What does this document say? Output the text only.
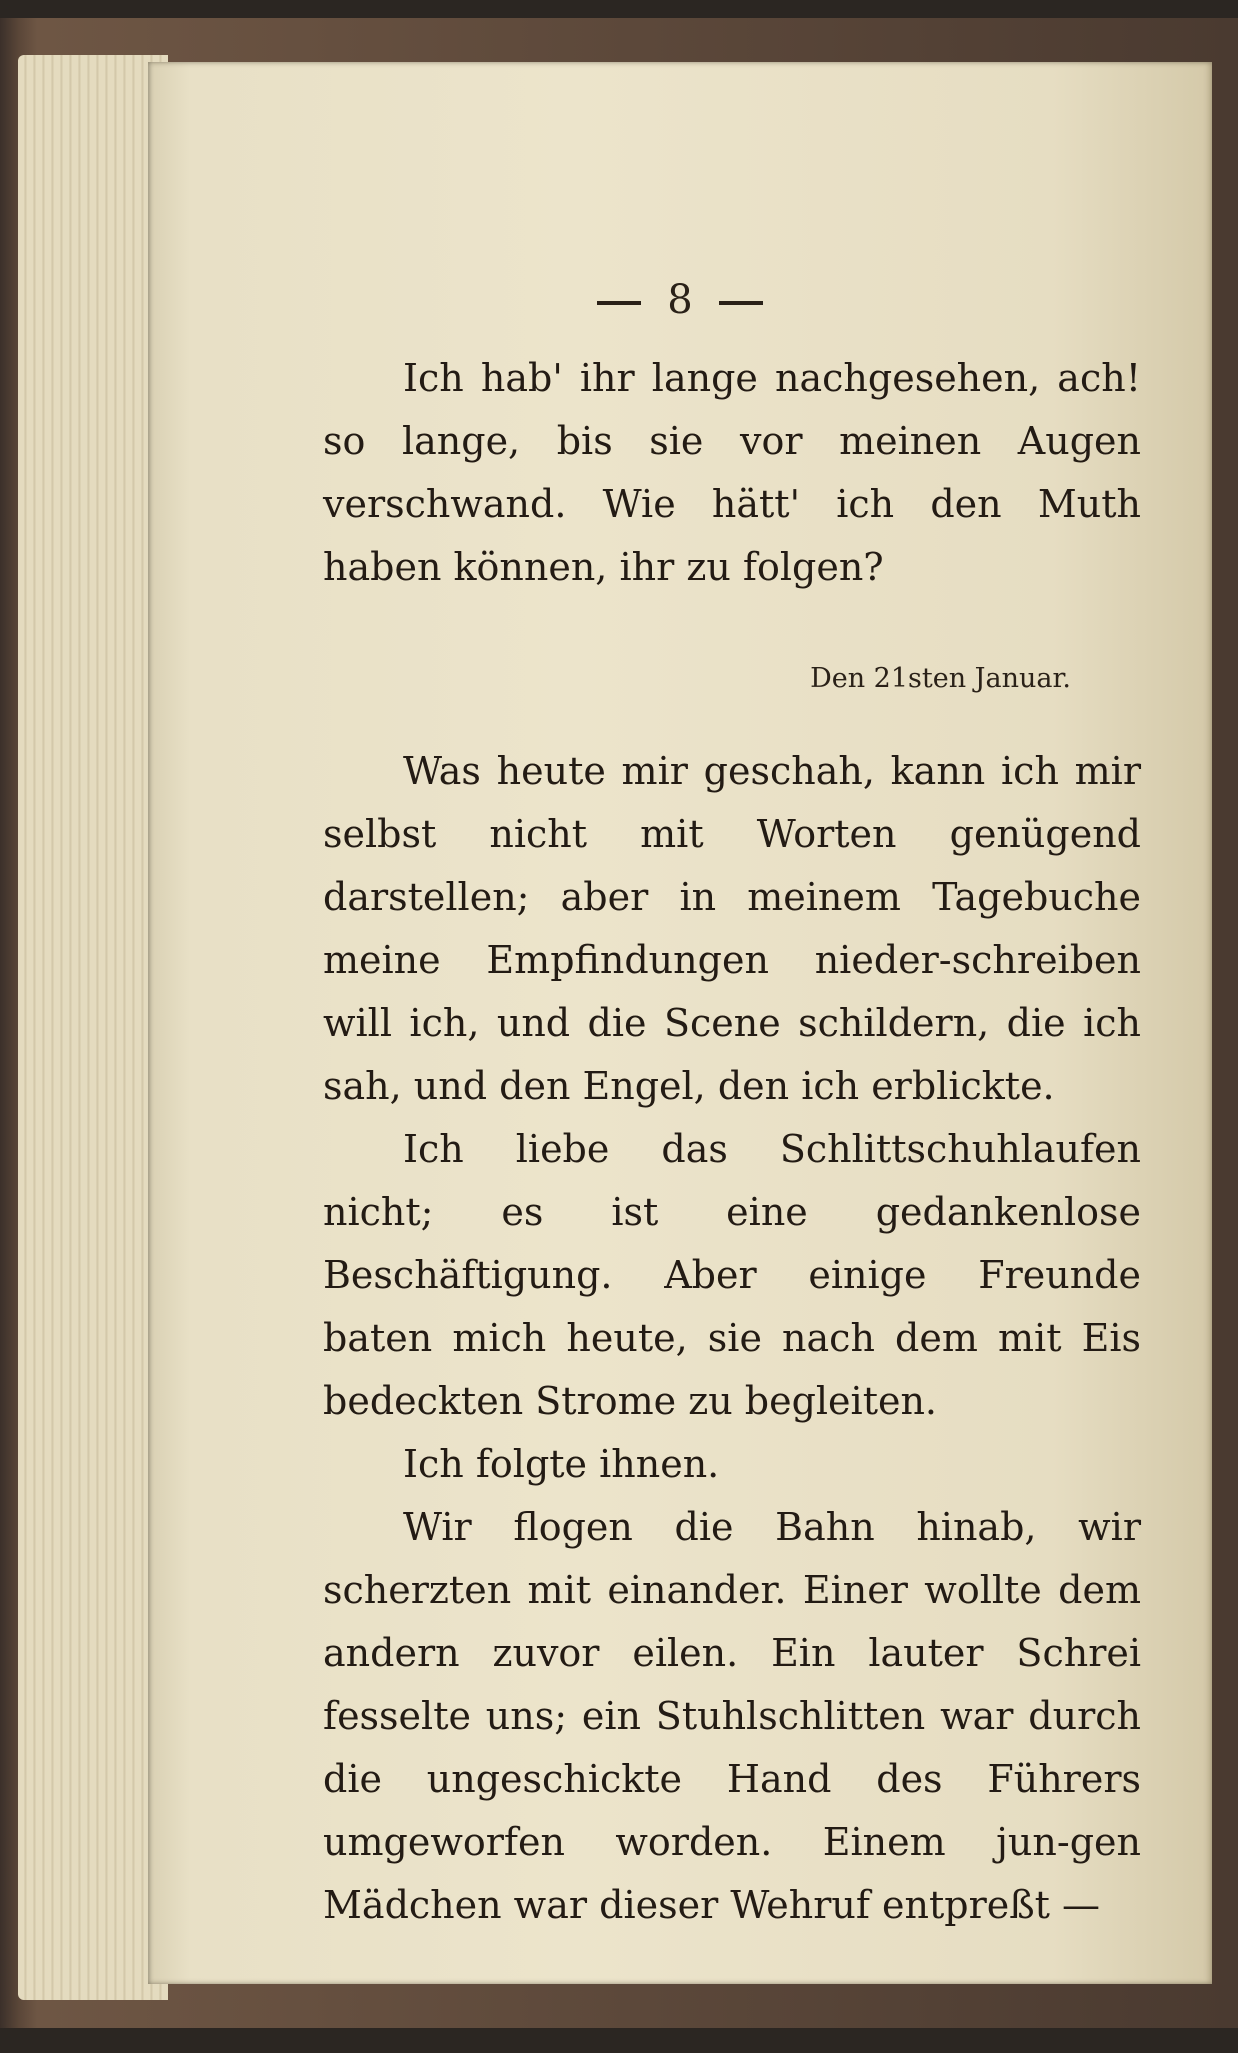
8

Ich hab' ihr lange nachgesehen, ach! so lange, bis sie vor meinen Augen verschwand. Wie hätt' ich den Muth haben können, ihr zu folgen?

Den 21sten Januar.

Was heute mir geschah, kann ich mir selbst nicht mit Worten genügend darstellen; aber in meinem Tagebuche meine Empfindungen nieder-schreiben will ich, und die Scene schildern, die ich sah, und den Engel, den ich erblickte.

Ich liebe das Schlittschuhlaufen nicht; es ist eine gedankenlose Beschäftigung. Aber einige Freunde baten mich heute, sie nach dem mit Eis bedeckten Strome zu begleiten.

Ich folgte ihnen.

Wir flogen die Bahn hinab, wir scherzten mit einander. Einer wollte dem andern zuvor eilen. Ein lauter Schrei fesselte uns; ein Stuhlschlitten war durch die ungeschickte Hand des Führers umgeworfen worden. Einem jun-gen Mädchen war dieser Wehruf entpreßt —
